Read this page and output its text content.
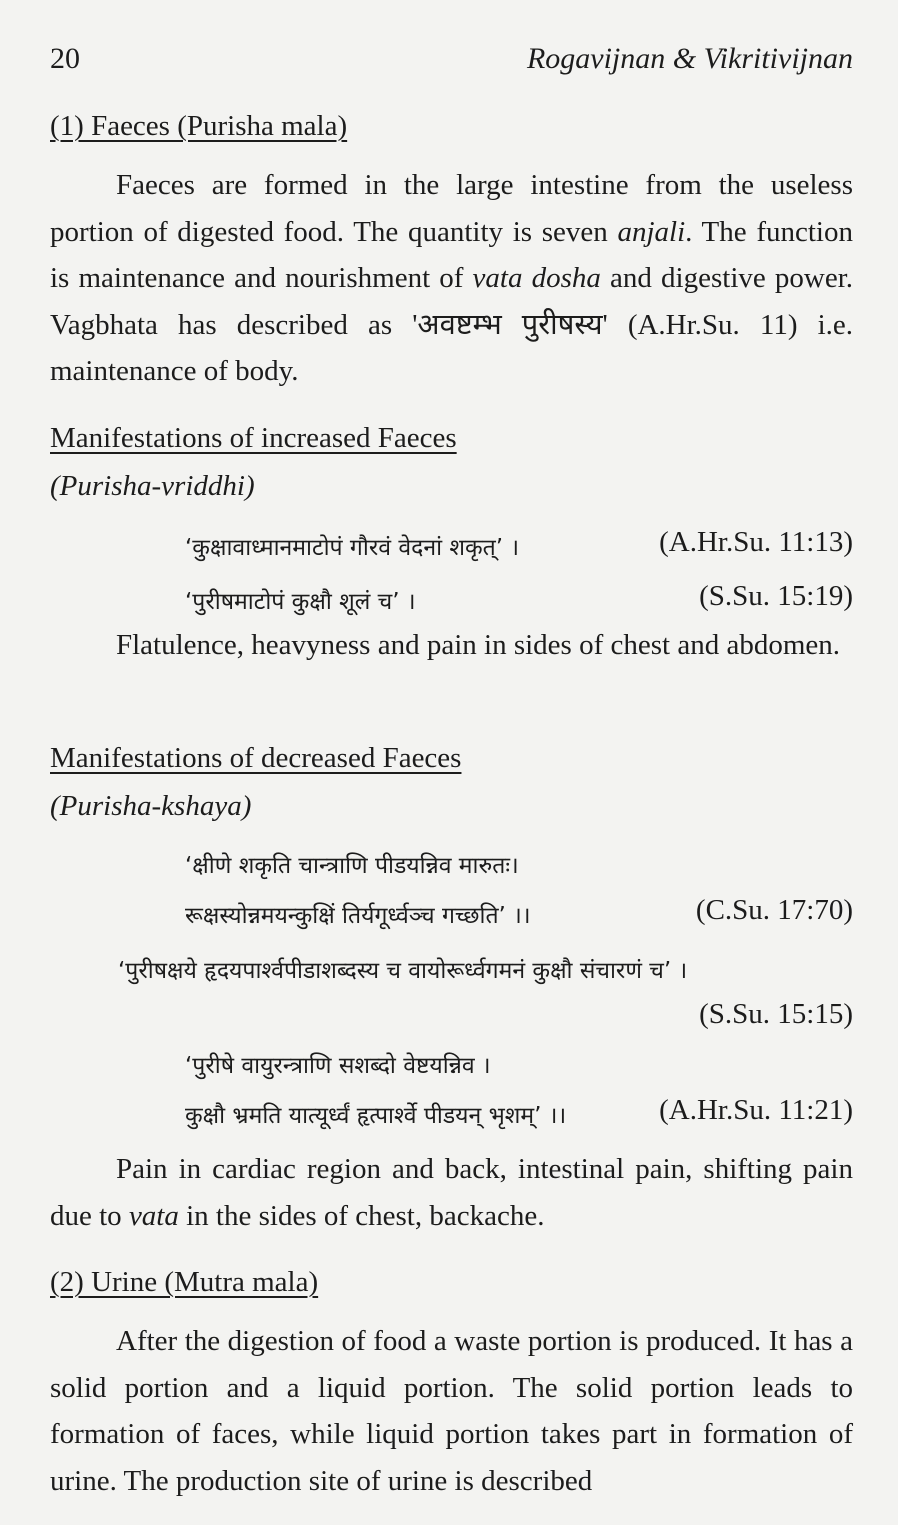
20	Rogavijnan & Vikritivijnan
(1) Faeces (Purisha mala)

Faeces are formed in the large intestine from the useless portion of digested food. The quantity is seven anjali. The function is maintenance and nourishment of vata dosha and digestive power. Vagbhata has described as 'अवष्टम्भ पुरीषस्य' (A.Hr.Su. 11) i.e. maintenance of body.

Manifestations of increased Faeces
(Purisha-vriddhi)
‘कुक्षावाध्मानमाटोपं गौरवं वेदनां शकृत्’ ।	(A.Hr.Su. 11:13)
‘पुरीषमाटोपं कुक्षौ शूलं च’ ।	(S.Su. 15:19)

Flatulence, heavyness and pain in sides of chest and abdomen.

Manifestations of decreased Faeces
(Purisha-kshaya)
‘क्षीणे शकृति चान्त्राणि पीडयन्निव मारुतः।
रूक्षस्योन्नमयन्कुक्षिं तिर्यगूर्ध्वञ्च गच्छति’ ।।	(C.Su. 17:70)
‘पुरीषक्षये हृदयपार्श्वपीडाशब्दस्य च वायोरूर्ध्वगमनं कुक्षौ संचारणं च’ ।
(S.Su. 15:15)
‘पुरीषे वायुरन्त्राणि सशब्दो वेष्टयन्निव ।
कुक्षौ भ्रमति यात्यूर्ध्वं हृत्पार्श्वे पीडयन् भृशम्’ ।।	(A.Hr.Su. 11:21)

Pain in cardiac region and back, intestinal pain, shifting pain due to vata in the sides of chest, backache.

(2) Urine (Mutra mala)

After the digestion of food a waste portion is produced. It has a solid portion and a liquid portion. The solid portion leads to formation of faces, while liquid portion takes part in formation of urine. The production site of urine is described
